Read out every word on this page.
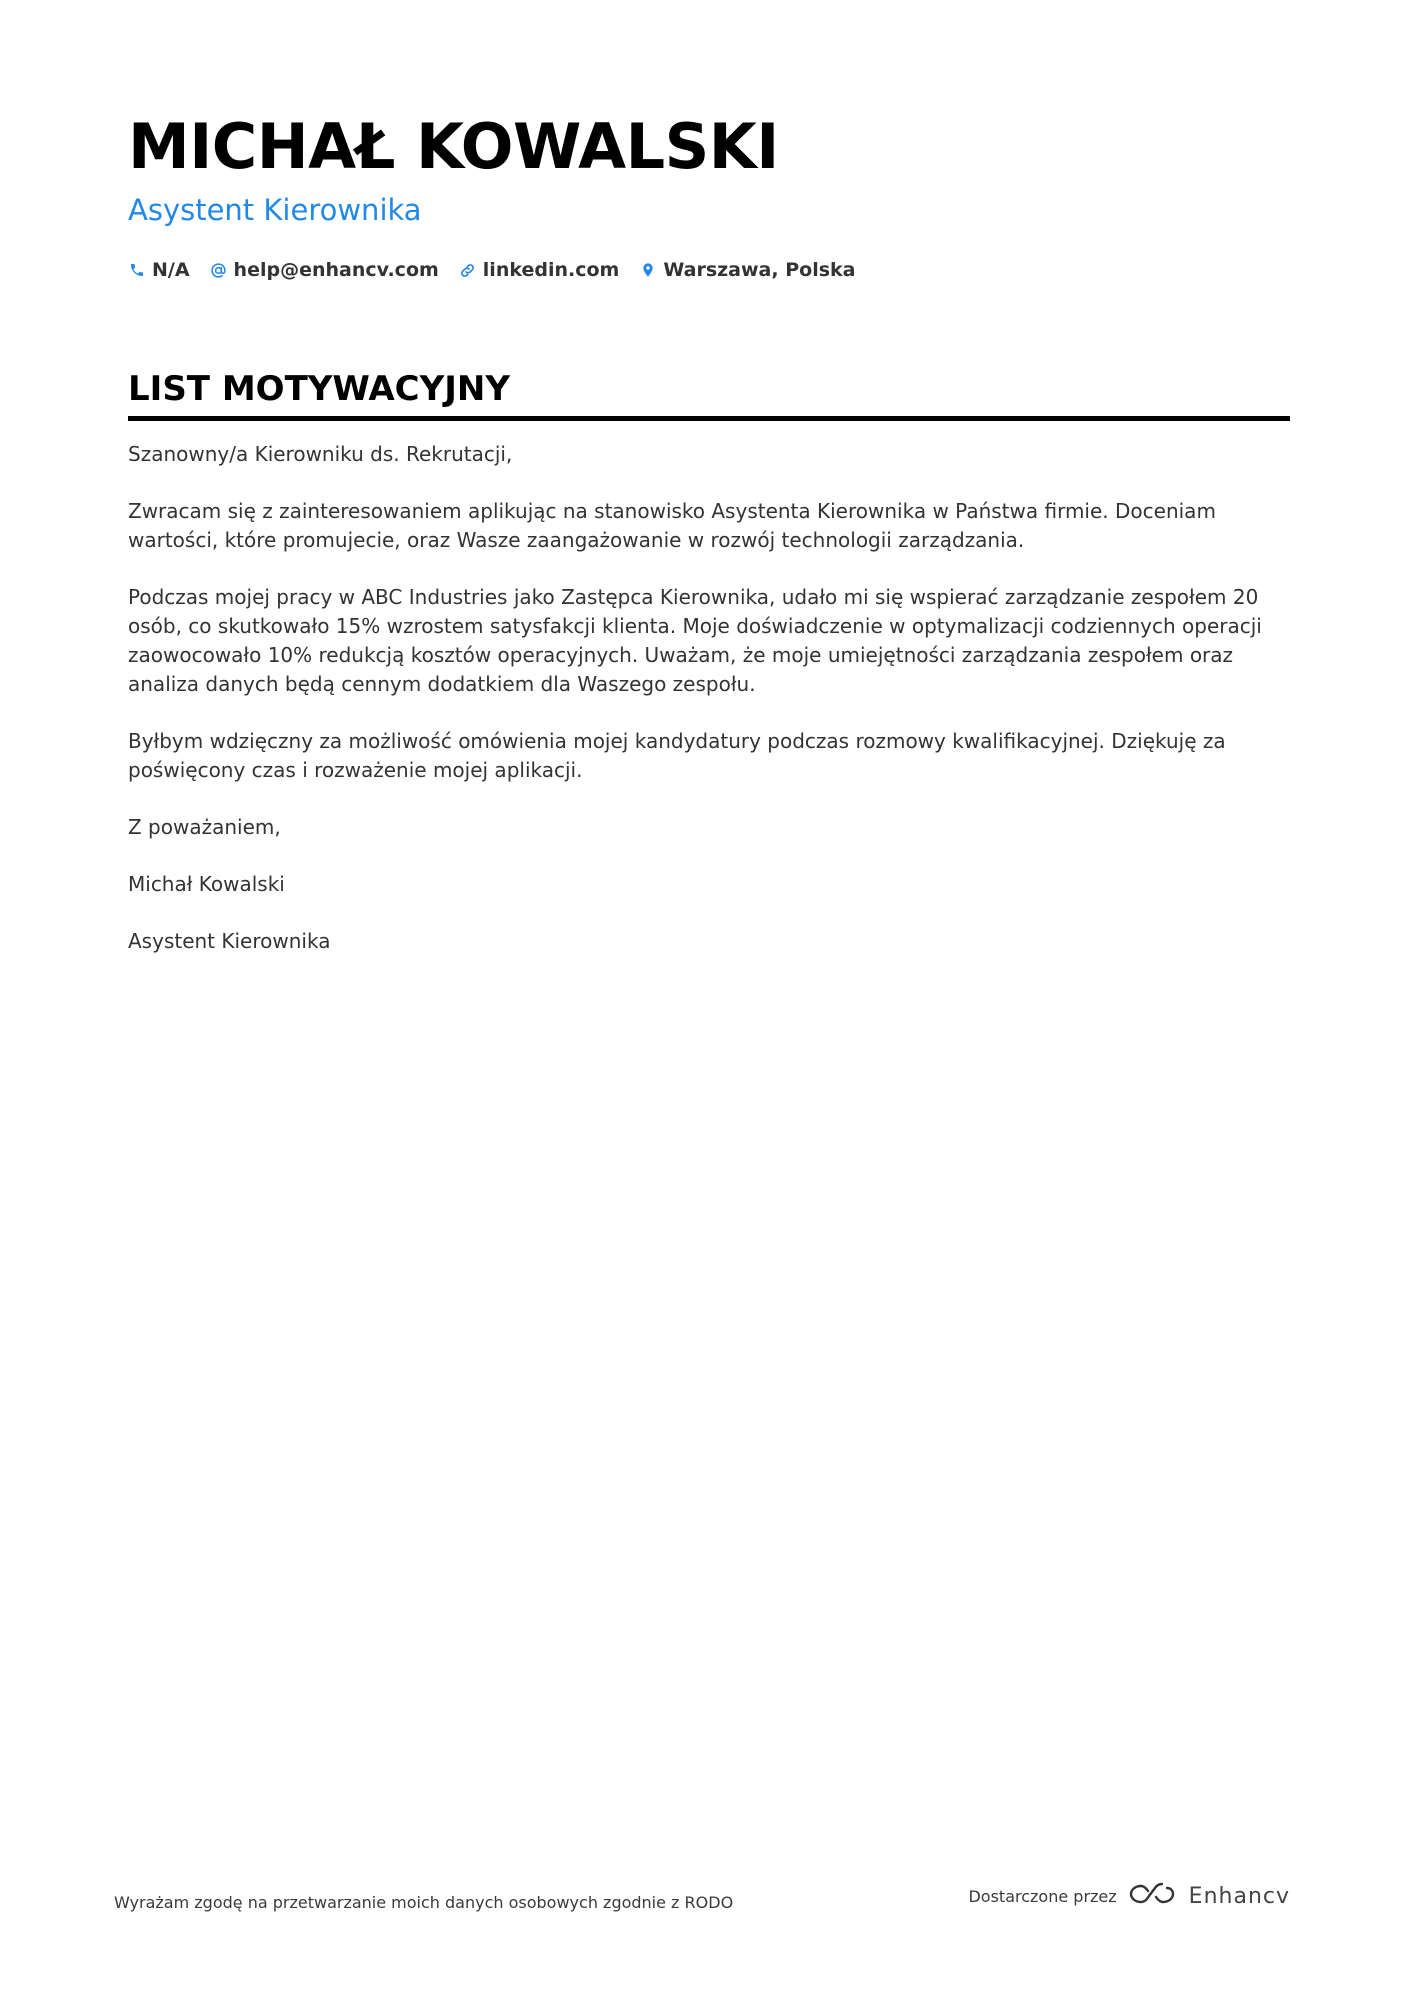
MICHAŁ KOWALSKI
Asystent Kierownika
N/A help@enhancv.com linkedin.com Warszawa, Polska
LIST MOTYWACYJNY

Szanowny/a Kierowniku ds. Rekrutacji,

Zwracam się z zainteresowaniem aplikując na stanowisko Asystenta Kierownika w Państwa firmie. Doceniam wartości, które promujecie, oraz Wasze zaangażowanie w rozwój technologii zarządzania.

Podczas mojej pracy w ABC Industries jako Zastępca Kierownika, udało mi się wspierać zarządzanie zespołem 20 osób, co skutkowało 15% wzrostem satysfakcji klienta. Moje doświadczenie w optymalizacji codziennych operacji zaowocowało 10% redukcją kosztów operacyjnych. Uważam, że moje umiejętności zarządzania zespołem oraz analiza danych będą cennym dodatkiem dla Waszego zespołu.

Byłbym wdzięczny za możliwość omówienia mojej kandydatury podczas rozmowy kwalifikacyjnej. Dziękuję za poświęcony czas i rozważenie mojej aplikacji.

Z poważaniem,

Michał Kowalski

Asystent Kierownika

Wyrażam zgodę na przetwarzanie moich danych osobowych zgodnie z RODO	Dostarczone przez	Enhancv
